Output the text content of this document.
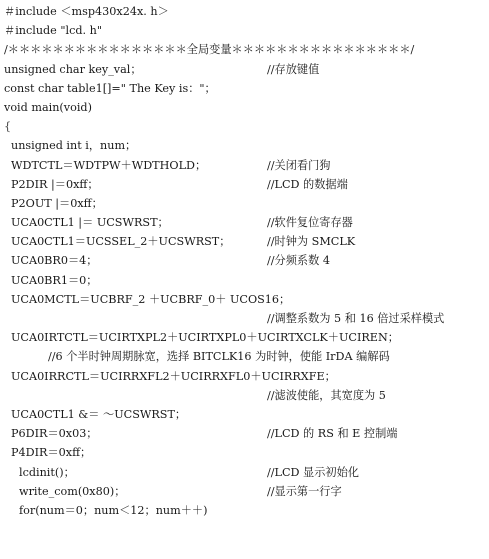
＃include ＜msp430x24x. h＞

＃include "lcd. h"

/＊＊＊＊＊＊＊＊＊＊＊＊＊＊＊＊全局变量＊＊＊＊＊＊＊＊＊＊＊＊＊＊＊＊/

unsigned char key_val；

	//存放键值

const char table1[]=" The Key is："；

void main(void)

{

unsigned int i，num；

WDTCTL＝WDTPW＋WDTHOLD；

	//关闭看门狗

P2DIR |＝0xff；

	//LCD 的数据端

P2OUT |＝0xff；

UCA0CTL1 |＝ UCSWRST；

	//软件复位寄存器

UCA0CTL1＝UCSSEL_2＋UCSWRST；

	//时钟为 SMCLK

UCA0BR0＝4；

	//分频系数 4

UCA0BR1＝0；

UCA0MCTL＝UCBRF_2 ＋UCBRF_0＋ UCOS16；

//调整系数为 5 和 16 倍过采样模式

UCA0IRTCTL＝UCIRTXPL2＋UCIRTXPL0＋UCIRTXCLK＋UCIREN；

//6 个半时钟周期脉宽，选择 BITCLK16 为时钟，使能 IrDA 编解码

UCA0IRRCTL＝UCIRRXFL2＋UCIRRXFL0＋UCIRRXFE；

//滤波使能，其宽度为 5

UCA0CTL1 &＝ ～UCSWRST；

P6DIR＝0x03；

	//LCD 的 RS 和 E 控制端

P4DIR＝0xff；

lcdinit()；

	//LCD 显示初始化

write_com(0x80)；

	//显示第一行字

for(num＝0；num＜12；num＋＋)
